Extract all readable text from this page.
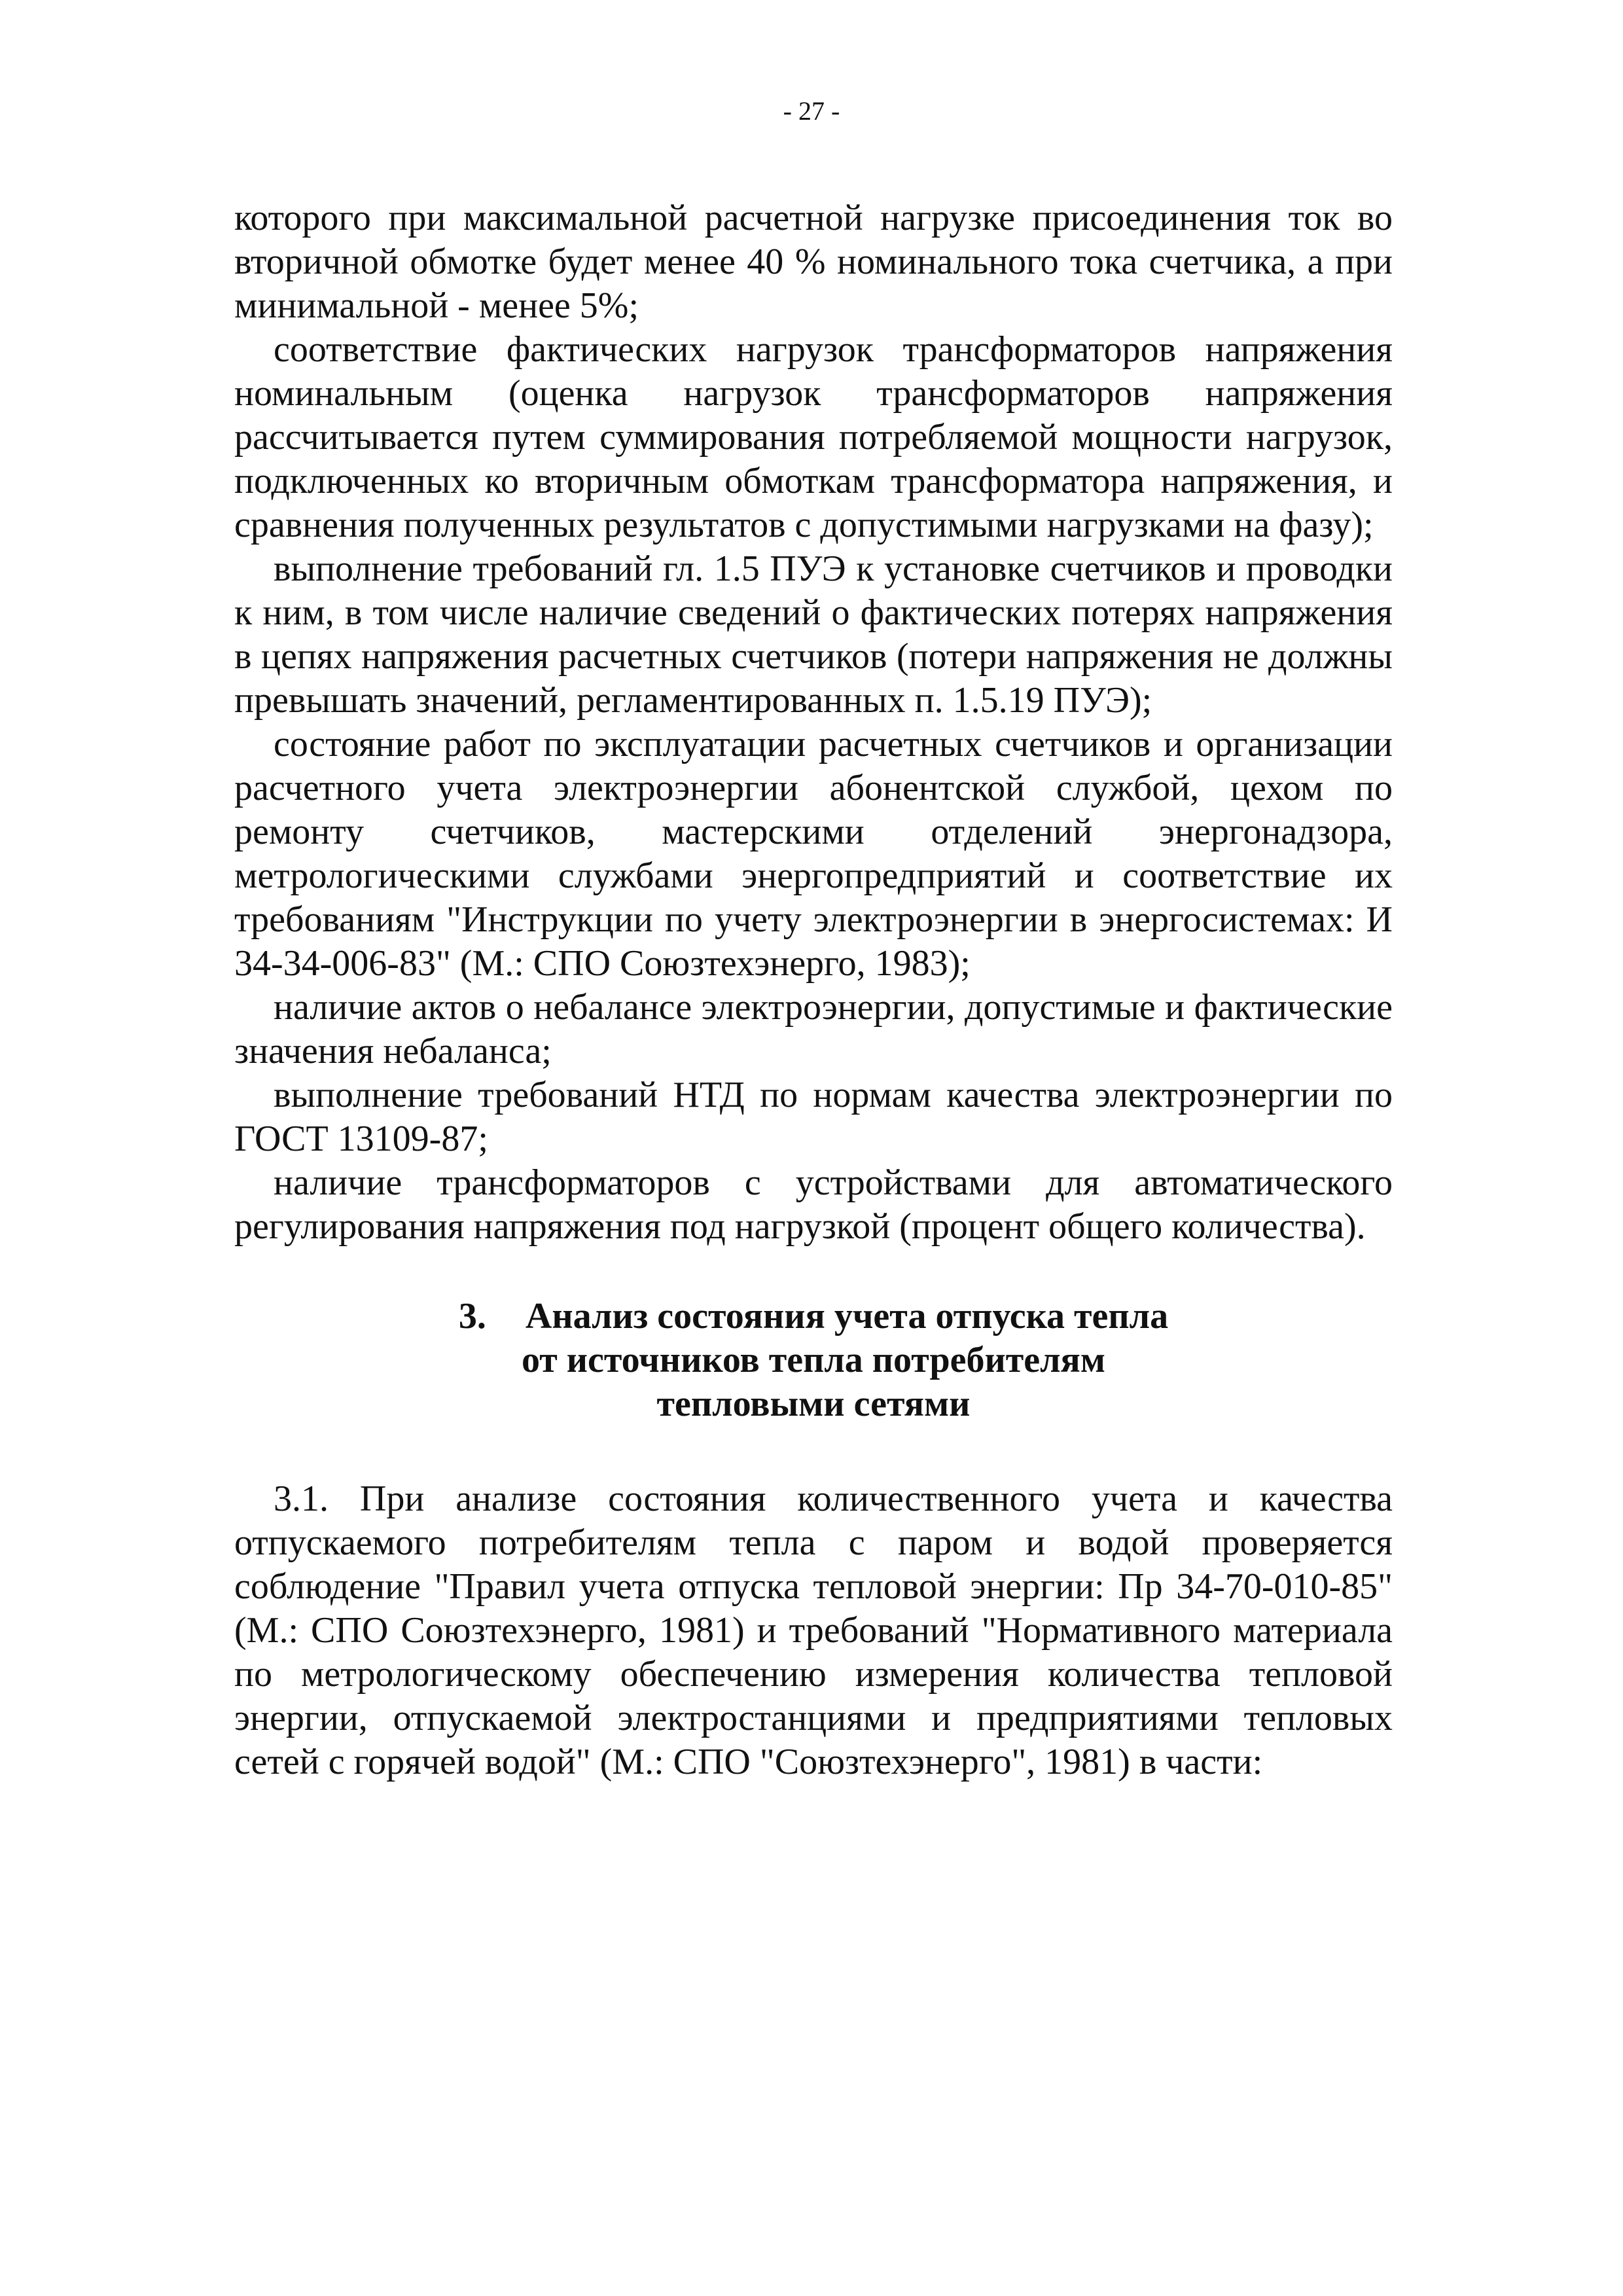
- 27 -

которого при максимальной расчетной нагрузке присоединения ток во вторичной обмотке будет менее 40 % номинального тока счетчика, а при минимальной - менее 5%;

соответствие фактических нагрузок трансформаторов напряжения номинальным (оценка нагрузок трансформаторов напряжения рассчитывается путем суммирования потребляемой мощности нагрузок, подключенных ко вторичным обмоткам трансформатора напряжения, и сравнения полученных результатов с допустимыми нагрузками на фазу);

выполнение требований гл. 1.5 ПУЭ к установке счетчиков и проводки к ним, в том числе наличие сведений о фактических потерях напряжения в цепях напряжения расчетных счетчиков (потери напряжения не должны превышать значений, регламентированных п. 1.5.19 ПУЭ);

состояние работ по эксплуатации расчетных счетчиков и организации расчетного учета электроэнергии абонентской службой, цехом по ремонту счетчиков, мастерскими отделений энергонадзора, метрологическими службами энергопредприятий и соответствие их требованиям "Инструкции по учету электроэнергии в энергосистемах: И 34-34-006-83" (М.: СПО Союзтехэнерго, 1983);

наличие актов о небалансе электроэнергии, допустимые и фактические значения небаланса;

выполнение требований НТД по нормам качества электроэнергии по ГОСТ 13109-87;

наличие трансформаторов с устройствами для автоматического регулирования напряжения под нагрузкой (процент общего количества).

3. Анализ состояния учета отпуска тепла
от источников тепла потребителям
тепловыми сетями

3.1. При анализе состояния количественного учета и качества отпускаемого потребителям тепла с паром и водой проверяется соблюдение "Правил учета отпуска тепловой энергии: Пр 34-70-010-85" (М.: СПО Союзтехэнерго, 1981) и требований "Нормативного материала по метрологическому обеспечению измерения количества тепловой энергии, отпускаемой электростанциями и предприятиями тепловых сетей с горячей водой" (М.: СПО "Союзтехэнерго", 1981) в части:
